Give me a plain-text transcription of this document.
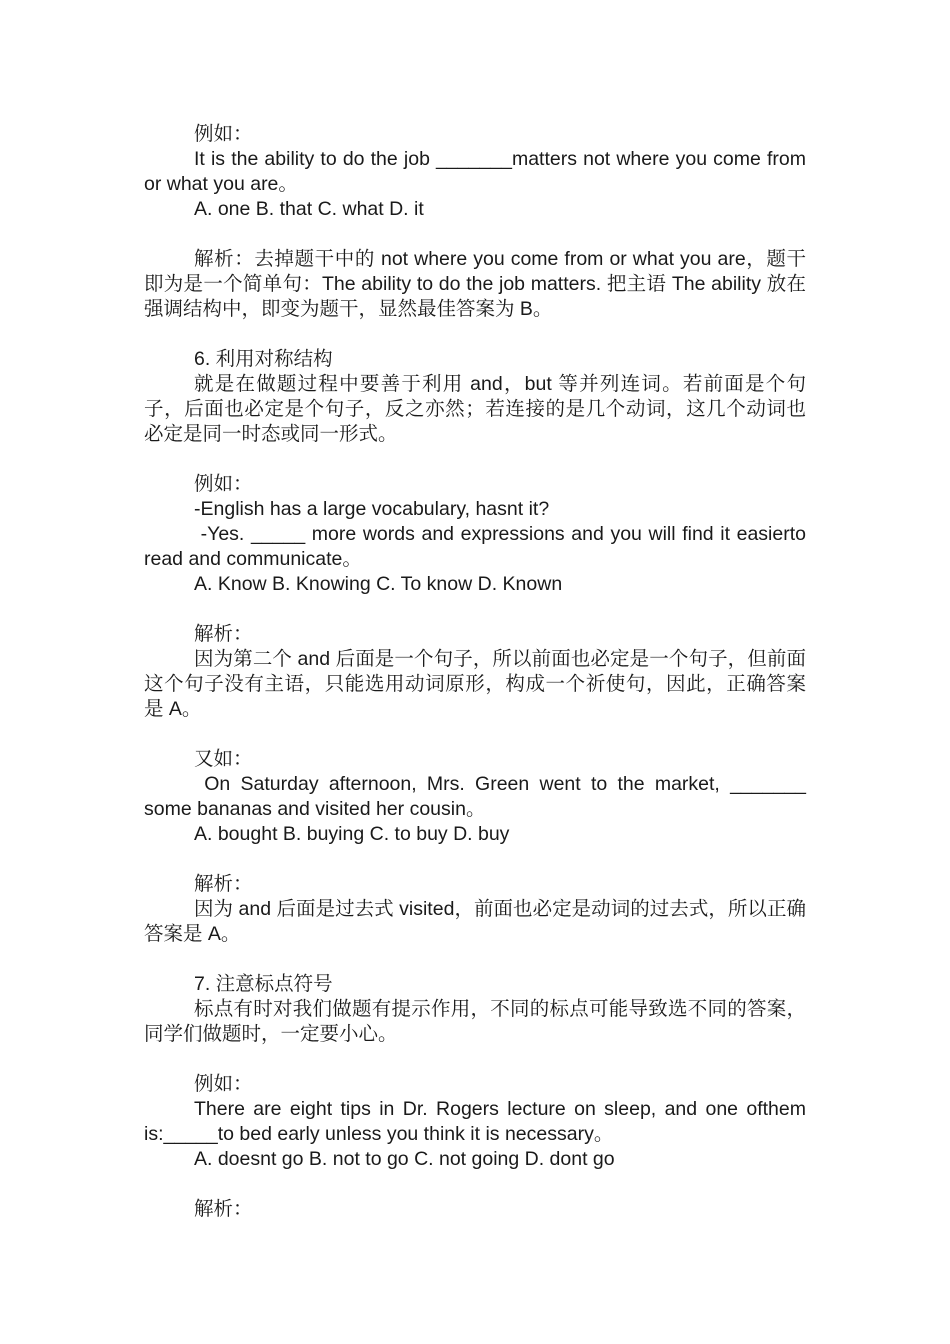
例如：

It is the ability to do the job _______matters not where you come from or what you are。

A. one B. that C. what D. it

解析：去掉题干中的 not where you come from or what you are，题干即为是一个简单句：The ability to do the job matters. 把主语 The ability 放在强调结构中，即变为题干，显然最佳答案为 B。

6. 利用对称结构

就是在做题过程中要善于利用 and，but 等并列连词。若前面是个句子，后面也必定是个句子，反之亦然；若连接的是几个动词，这几个动词也必定是同一时态或同一形式。

例如：

-English has a large vocabulary, hasnt it?

-Yes. _____ more words and expressions and you will find it easierto read and communicate。

A. Know B. Knowing C. To know D. Known

解析：

因为第二个 and 后面是一个句子，所以前面也必定是一个句子，但前面这个句子没有主语，只能选用动词原形，构成一个祈使句，因此，正确答案是 A。

又如：

On Saturday afternoon, Mrs. Green went to the market, _______ some bananas and visited her cousin。

A. bought B. buying C. to buy D. buy

解析：

因为 and 后面是过去式 visited，前面也必定是动词的过去式，所以正确答案是 A。

7. 注意标点符号

标点有时对我们做题有提示作用，不同的标点可能导致选不同的答案，同学们做题时，一定要小心。

例如：

There are eight tips in Dr. Rogers lecture on sleep, and one ofthem is:_____to bed early unless you think it is necessary。

A. doesnt go B. not to go C. not going D. dont go

解析：
